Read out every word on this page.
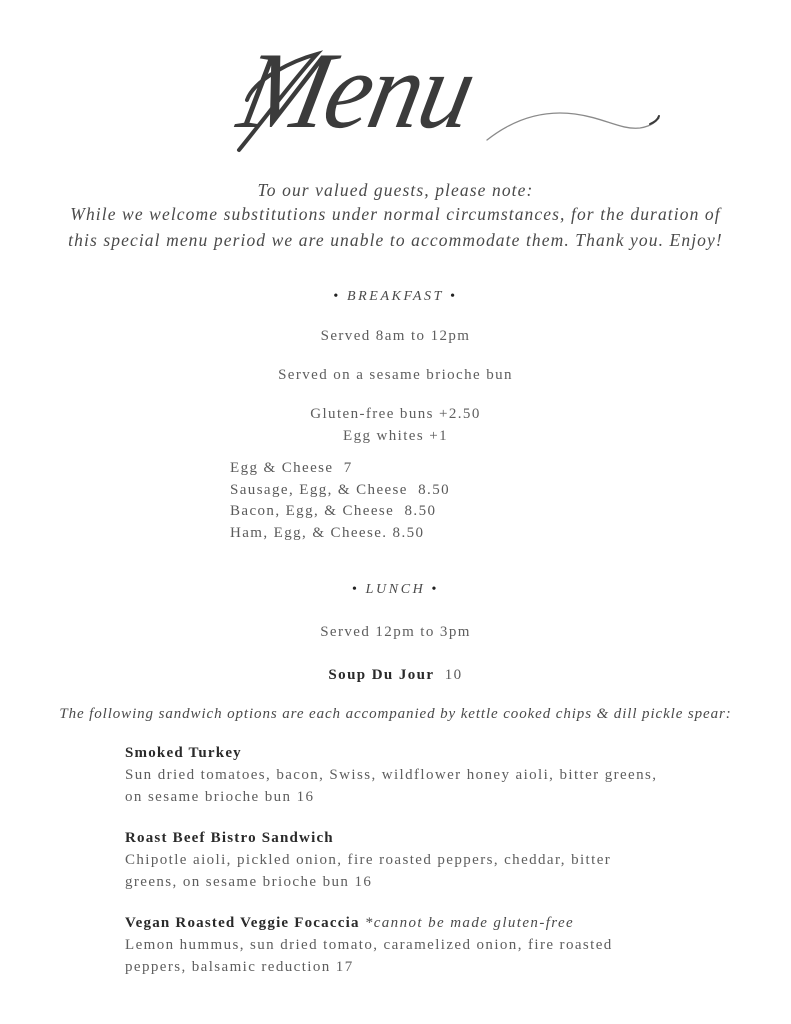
Menu
To our valued guests, please note:
While we welcome substitutions under normal circumstances, for the duration of
this special menu period we are unable to accommodate them. Thank you. Enjoy!
• BREAKFAST •
Served 8am to 12pm
Served on a sesame brioche bun
Gluten-free buns +2.50
Egg whites +1
Egg & Cheese  7
Sausage, Egg, & Cheese  8.50
Bacon, Egg, & Cheese  8.50
Ham, Egg, & Cheese. 8.50
• LUNCH •
Served 12pm to 3pm
Soup Du Jour 10
The following sandwich options are each accompanied by kettle cooked chips & dill pickle spear:
Smoked Turkey
Sun dried tomatoes, bacon, Swiss, wildflower honey aioli, bitter greens,
on sesame brioche bun 16
Roast Beef Bistro Sandwich
Chipotle aioli, pickled onion, fire roasted peppers, cheddar, bitter
greens, on sesame brioche bun 16
Vegan Roasted Veggie Focaccia *cannot be made gluten-free
Lemon hummus, sun dried tomato, caramelized onion, fire roasted
peppers, balsamic reduction 17
